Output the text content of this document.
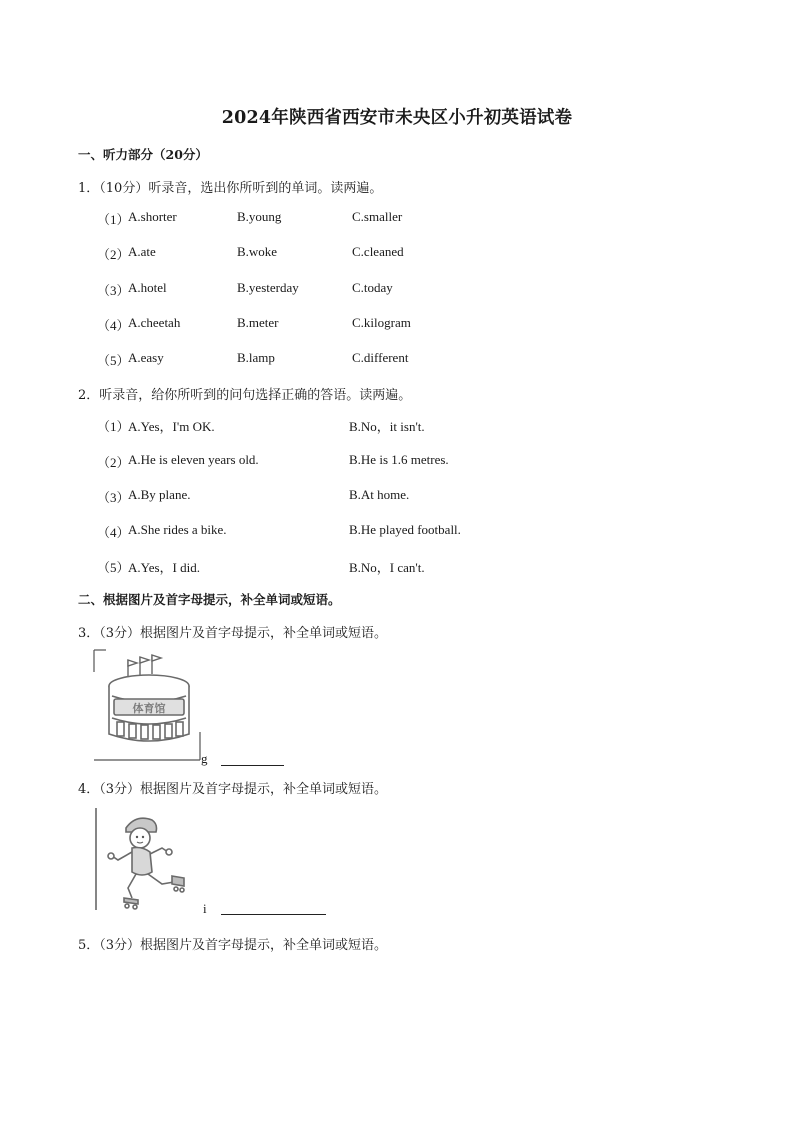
2024年陕西省西安市未央区小升初英语试卷
一、听力部分（20分）
1．（10分）听录音，选出你所听到的单词。读两遍。
（1）
A.shorter	B.young	C.smaller
（2）
A.ate	B.woke	C.cleaned
（3）
A.hotel	B.yesterday	C.today
（4）
A.cheetah	B.meter	C.kilogram
（5）
A.easy	B.lamp	C.different
2．听录音，给你所听到的问句选择正确的答语。读两遍。
（1）
A.Yes，I'm OK.	B.No，it isn't.
（2）
A.He is eleven years old.	B.He is 1.6 metres.
（3）
A.By plane.	B.At home.
（4）
A.She rides a bike.	B.He played football.
（5）
A.Yes，I did.	B.No，I can't.
二、根据图片及首字母提示，补全单词或短语。
3．（3分）根据图片及首字母提示，补全单词或短语。
体育馆
g
4．（3分）根据图片及首字母提示，补全单词或短语。
i
5．（3分）根据图片及首字母提示，补全单词或短语。
